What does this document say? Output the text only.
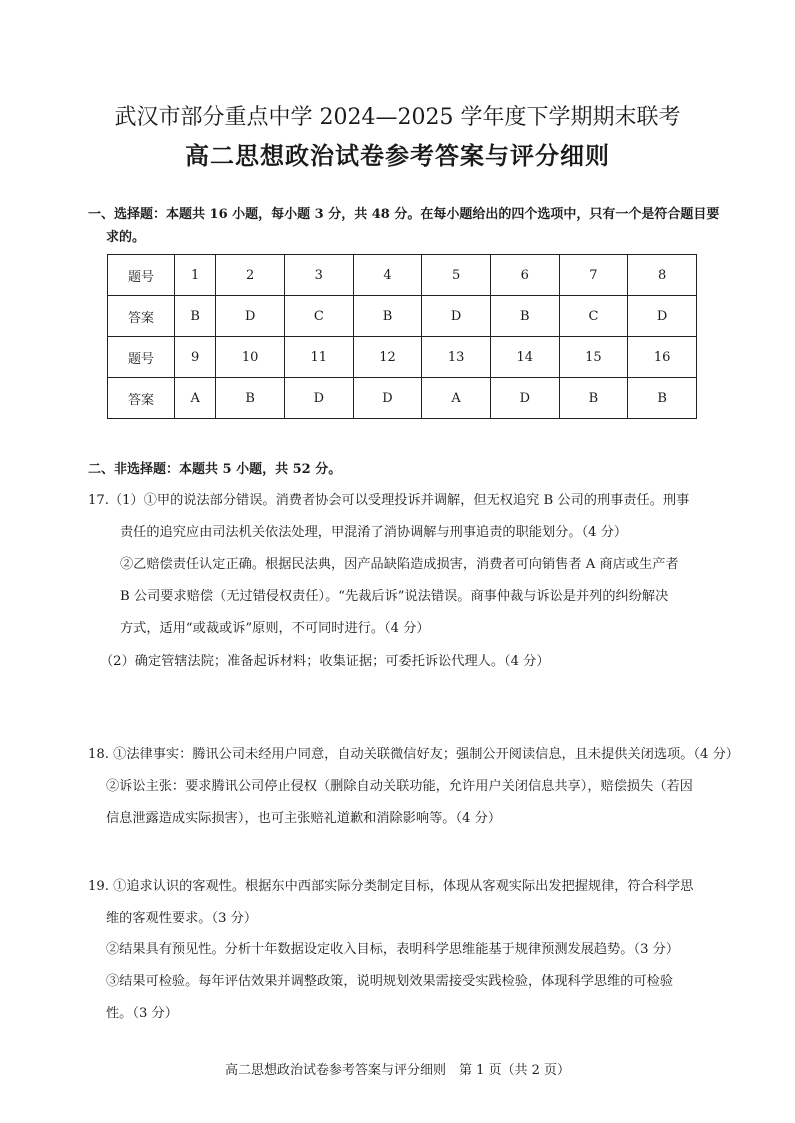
武汉市部分重点中学 2024—2025 学年度下学期期末联考
高二思想政治试卷参考答案与评分细则
一、选择题：本题共 16 小题，每小题 3 分，共 48 分。在每小题给出的四个选项中，只有一个是符合题目要
求的。
题号	1	2	3	4	5	6	7	8
答案	B	D	C	B	D	B	C	D
题号	9	10	11	12	13	14	15	16
答案	A	B	D	D	A	D	B	B
二、非选择题：本题共 5 小题，共 52 分。
17.（1）①甲的说法部分错误。消费者协会可以受理投诉并调解，但无权追究 B 公司的刑事责任。刑事
责任的追究应由司法机关依法处理，甲混淆了消协调解与刑事追责的职能划分。（4 分）
②乙赔偿责任认定正确。根据民法典，因产品缺陷造成损害，消费者可向销售者 A 商店或生产者
B 公司要求赔偿（无过错侵权责任）。“先裁后诉”说法错误。商事仲裁与诉讼是并列的纠纷解决
方式，适用“或裁或诉”原则，不可同时进行。（4 分）
（2）确定管辖法院；准备起诉材料；收集证据；可委托诉讼代理人。（4 分）
18. ①法律事实：腾讯公司未经用户同意，自动关联微信好友；强制公开阅读信息，且未提供关闭选项。（4 分）
②诉讼主张：要求腾讯公司停止侵权（删除自动关联功能，允许用户关闭信息共享），赔偿损失（若因
信息泄露造成实际损害），也可主张赔礼道歉和消除影响等。（4 分）
19. ①追求认识的客观性。根据东中西部实际分类制定目标，体现从客观实际出发把握规律，符合科学思
维的客观性要求。（3 分）
②结果具有预见性。分析十年数据设定收入目标，表明科学思维能基于规律预测发展趋势。（3 分）
③结果可检验。每年评估效果并调整政策，说明规划效果需接受实践检验，体现科学思维的可检验
性。（3 分）
高二思想政治试卷参考答案与评分细则　第 1 页（共 2 页）
